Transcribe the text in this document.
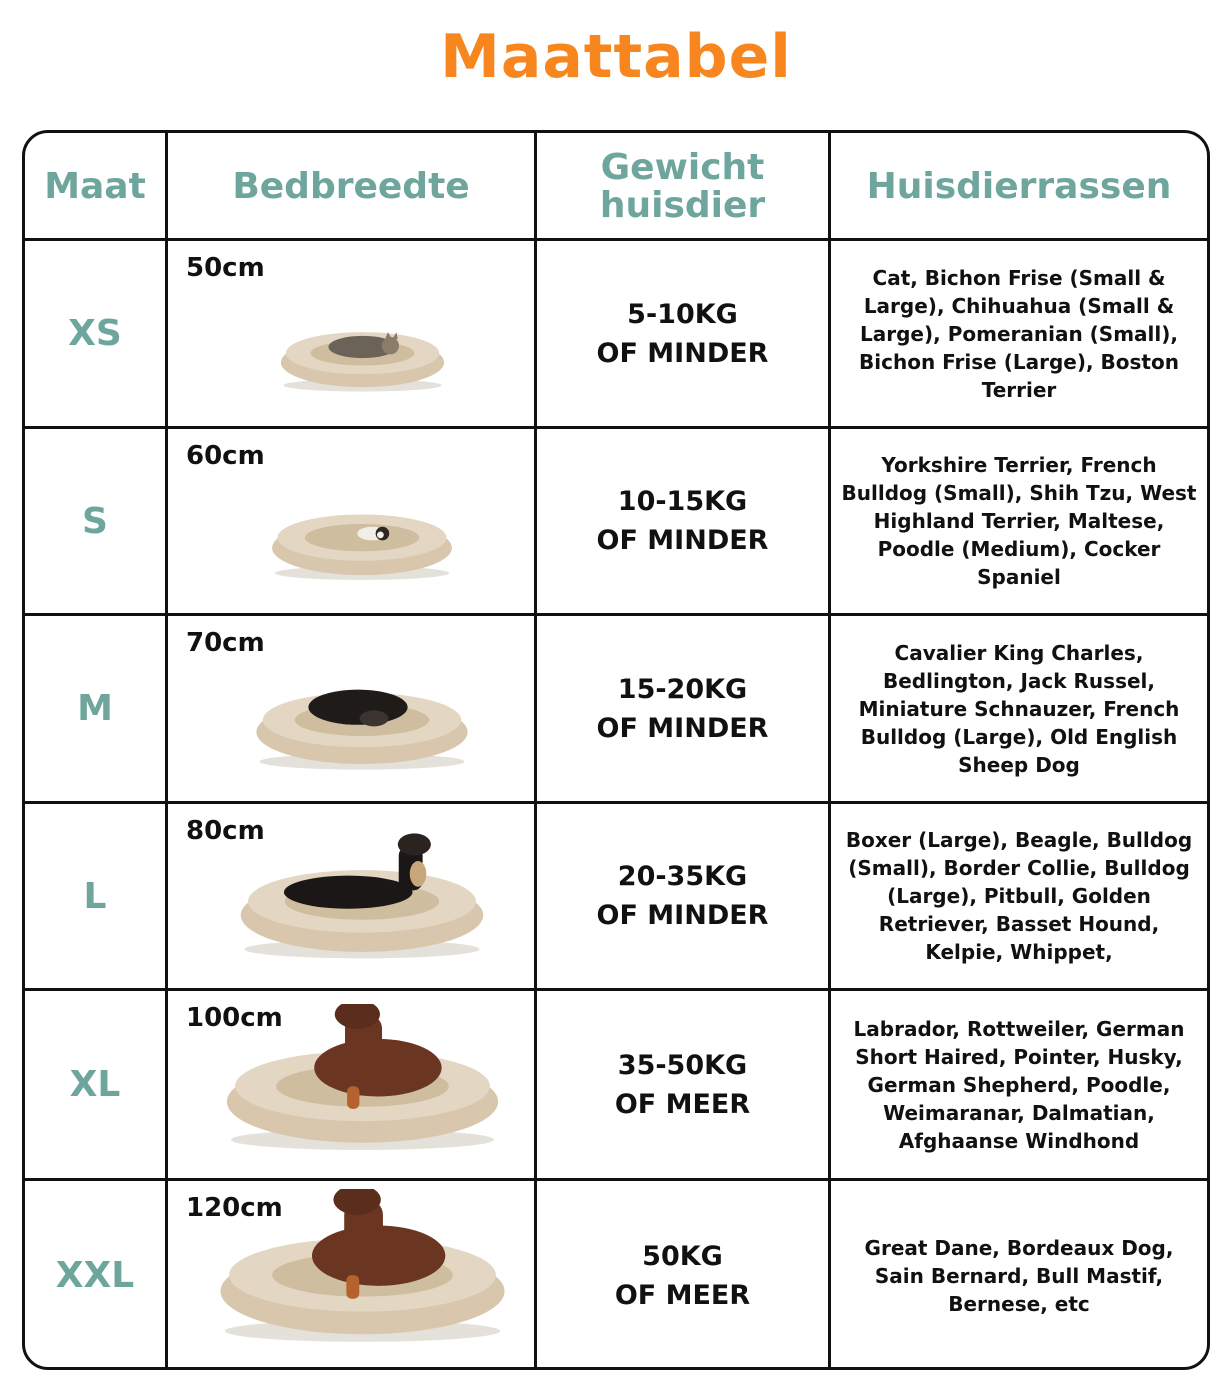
Maattabel
Maat Bedbreedte	Gewicht huisdier	Huisdierrassen
XS
50cm
5-10KG
OF MINDER
Cat, Bichon Frise (Small & Large), Chihuahua (Small & Large), Pomeranian (Small), Bichon Frise (Large), Boston Terrier
S
60cm
10-15KG
OF MINDER
Yorkshire Terrier, French Bulldog (Small), Shih Tzu, West Highland Terrier, Maltese, Poodle (Medium), Cocker Spaniel
M
70cm
15-20KG
OF MINDER
Cavalier King Charles, Bedlington, Jack Russel, Miniature Schnauzer, French Bulldog (Large), Old English Sheep Dog
L
80cm
20-35KG
OF MINDER
Boxer (Large), Beagle, Bulldog (Small), Border Collie, Bulldog (Large), Pitbull, Golden Retriever, Basset Hound, Kelpie, Whippet,
XL
100cm
35-50KG
OF MEER
Labrador, Rottweiler, German Short Haired, Pointer, Husky, German Shepherd, Poodle, Weimaranar, Dalmatian, Afghaanse Windhond
XXL
120cm
50KG
OF MEER
Great Dane, Bordeaux Dog, Sain Bernard, Bull Mastif, Bernese, etc
